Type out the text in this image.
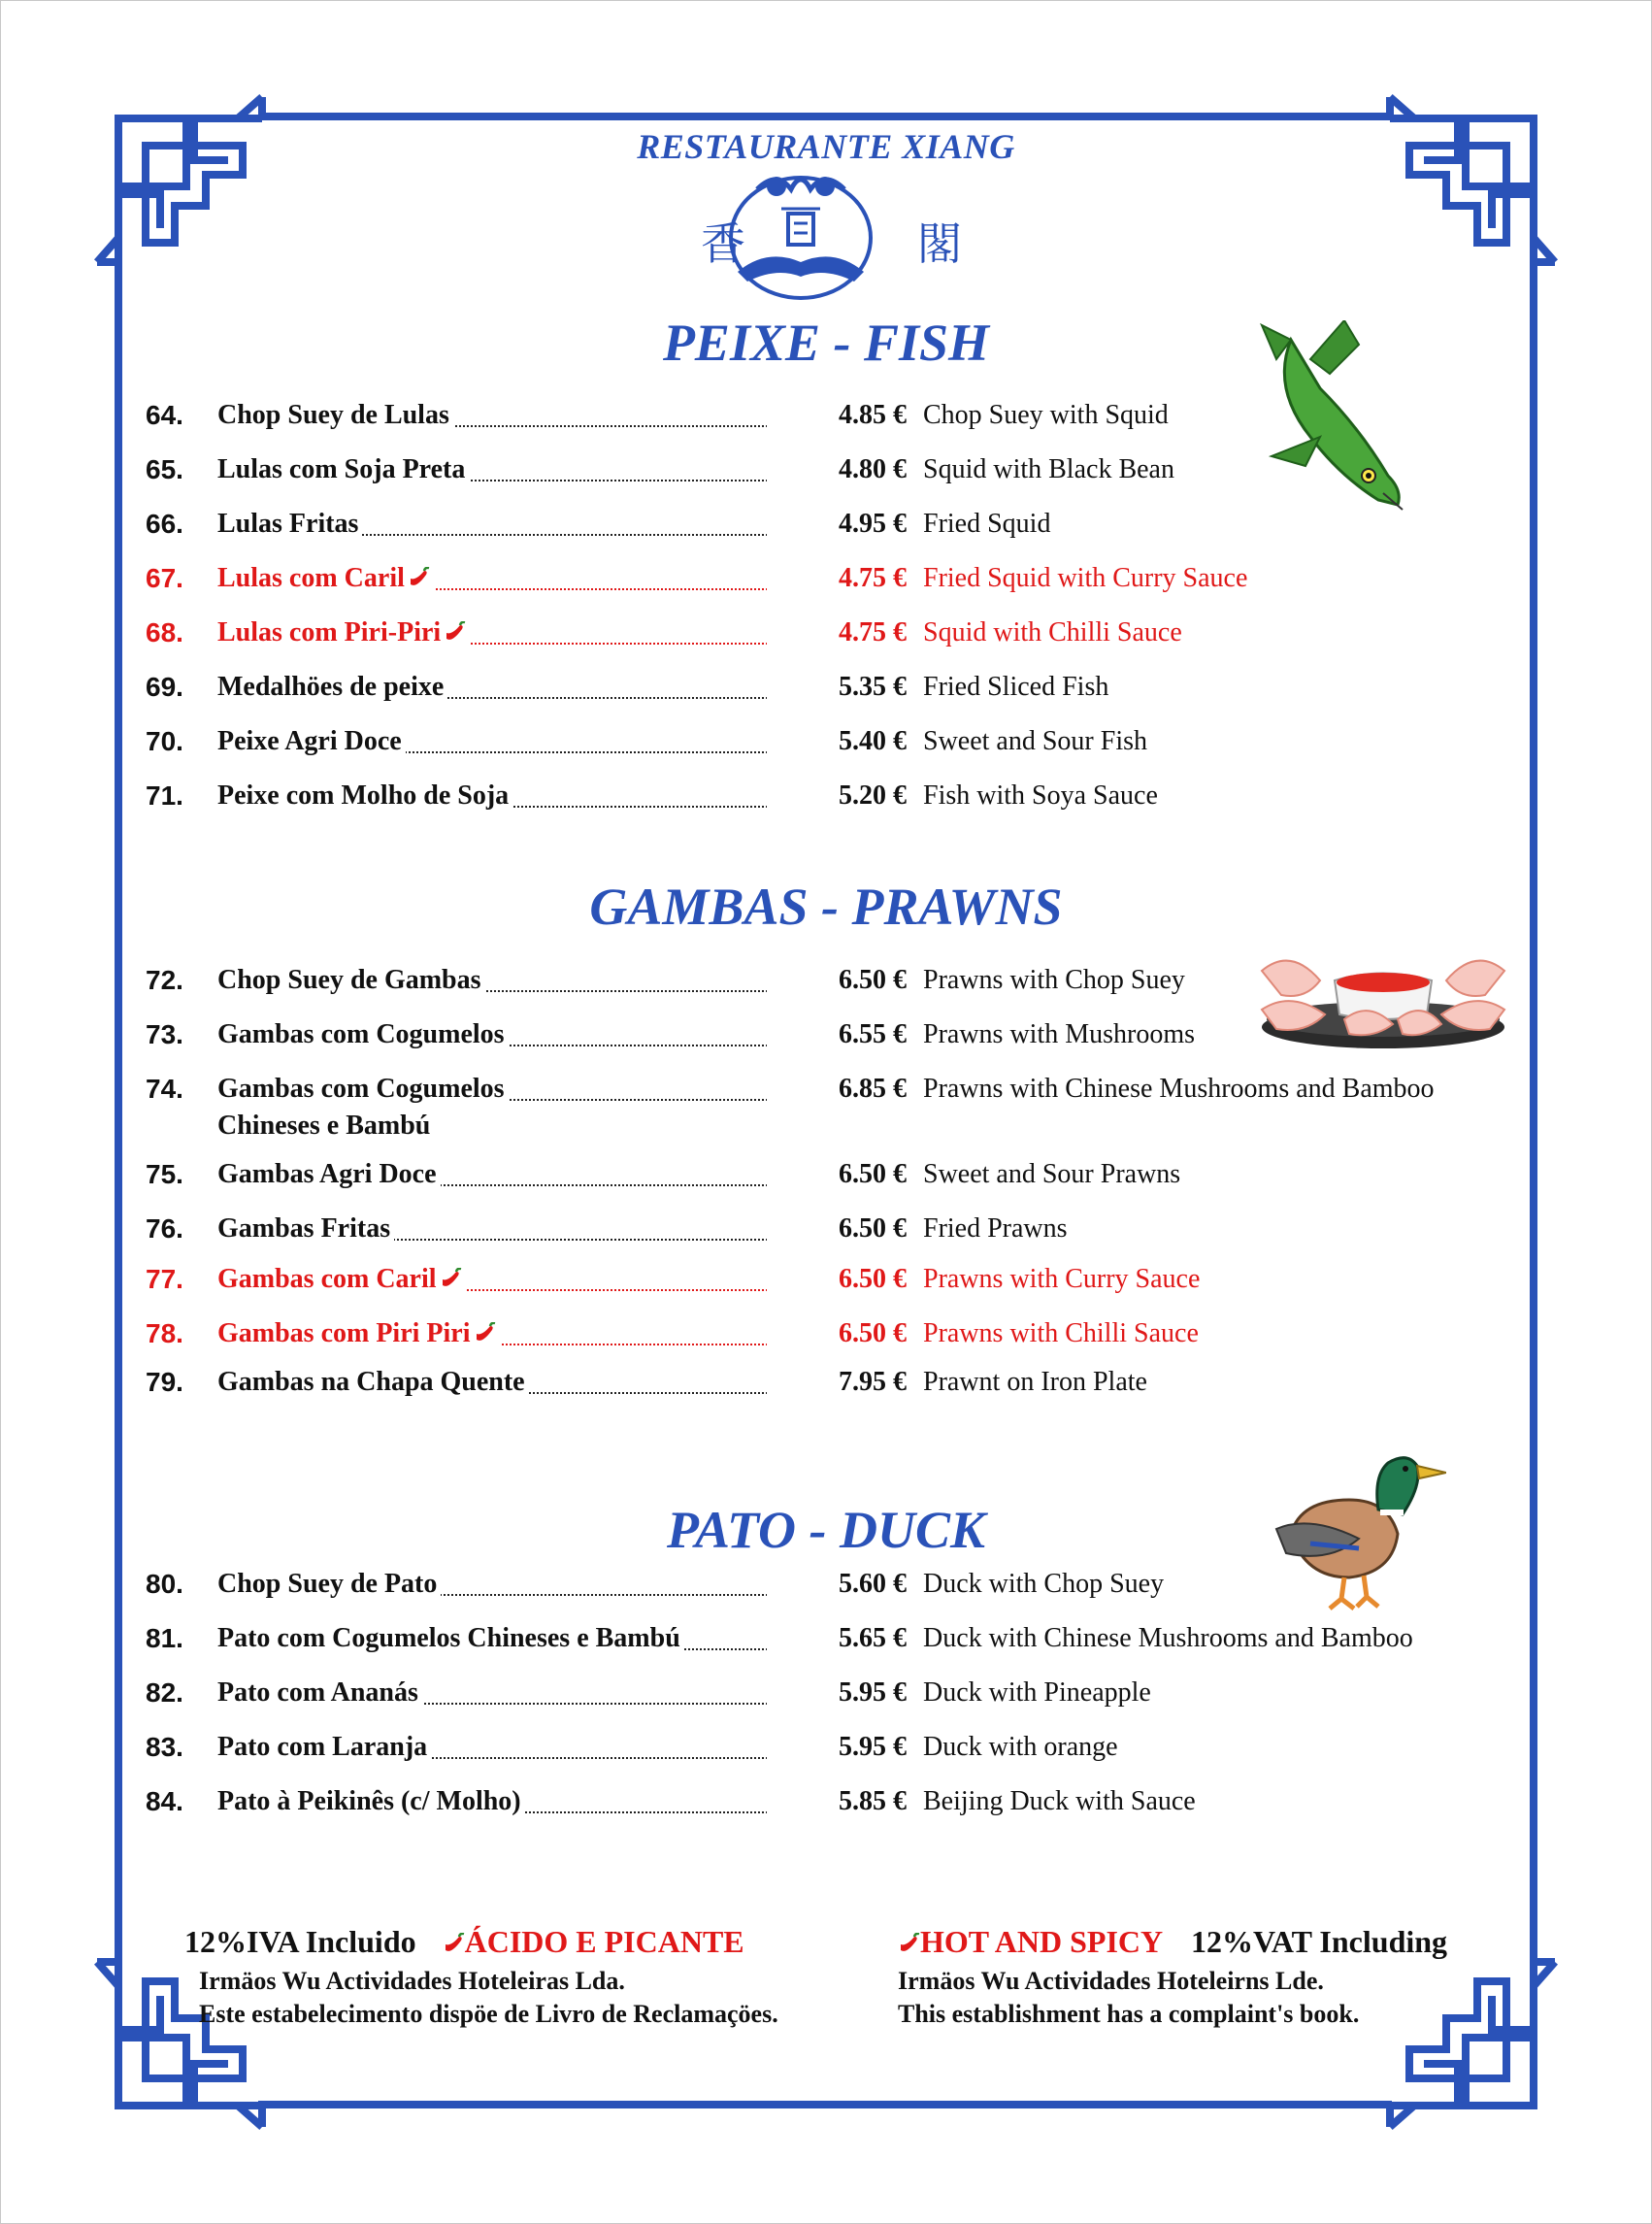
RESTAURANTE XIANG
香	閣
PEIXE - FISH
64. Chop Suey de Lulas	4.85 € Chop Suey with Squid
65. Lulas com Soja Preta	4.80 € Squid with Black Bean
66. Lulas Fritas	4.95 € Fried Squid
67. Lulas com Caril	4.75 € Fried Squid with Curry Sauce
68. Lulas com Piri-Piri	4.75 € Squid with Chilli Sauce
69. Medalhöes de peixe	5.35 € Fried Sliced Fish
70. Peixe Agri Doce	5.40 € Sweet and Sour Fish
71. Peixe com Molho de Soja	5.20 € Fish with Soya Sauce
GAMBAS - PRAWNS
72. Chop Suey de Gambas	6.50 € Prawns with Chop Suey
73. Gambas com Cogumelos	6.55 € Prawns with Mushrooms
74. Gambas com Cogumelos	6.85 € Prawns with Chinese Mushrooms and Bamboo
Chineses e Bambú
75. Gambas Agri Doce	6.50 € Sweet and Sour Prawns
76. Gambas Fritas	6.50 € Fried Prawns
77. Gambas com Caril	6.50 € Prawns with Curry Sauce
78. Gambas com Piri Piri	6.50 € Prawns with Chilli Sauce
79. Gambas na Chapa Quente	7.95 € Prawnt on Iron Plate
PATO - DUCK
80. Chop Suey de Pato	5.60 € Duck with Chop Suey
81. Pato com Cogumelos Chineses e Bambú	5.65 € Duck with Chinese Mushrooms and Bamboo
82. Pato com Ananás	5.95 € Duck with Pineapple
83. Pato com Laranja	5.95 € Duck with orange
84. Pato à Peikinês (c/ Molho)	5.85 € Beijing Duck with Sauce
12%IVA Incluido ÁCIDO E PICANTE
Irmäos Wu Actividades Hoteleiras Lda.
Este estabelecimento dispöe de Livro de Reclamaçöes.
HOT AND SPICY 12%VAT Including
Irmäos Wu Actividades Hoteleirns Lde.
This establishment has a complaint's book.
